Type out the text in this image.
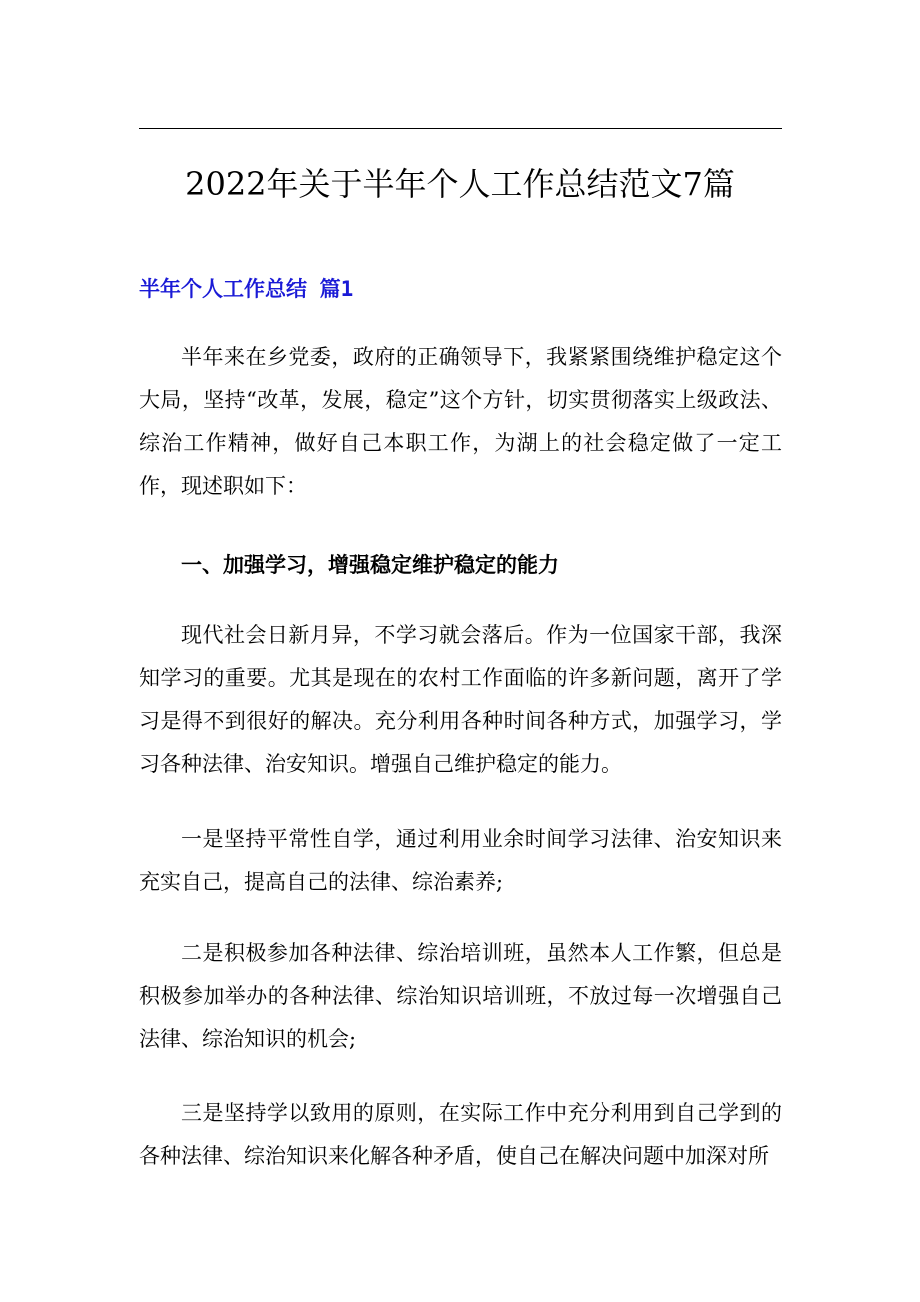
2022年关于半年个人工作总结范文7篇
半年个人工作总结 篇1

半年来在乡党委，政府的正确领导下，我紧紧围绕维护稳定这个大局，坚持“改革，发展，稳定”这个方针，切实贯彻落实上级政法、综治工作精神，做好自己本职工作，为湖上的社会稳定做了一定工作，现述职如下：

一、加强学习，增强稳定维护稳定的能力

现代社会日新月异，不学习就会落后。作为一位国家干部，我深知学习的重要。尤其是现在的农村工作面临的许多新问题，离开了学习是得不到很好的解决。充分利用各种时间各种方式，加强学习，学习各种法律、治安知识。增强自己维护稳定的能力。

一是坚持平常性自学，通过利用业余时间学习法律、治安知识来充实自己，提高自己的法律、综治素养;

二是积极参加各种法律、综治培训班，虽然本人工作繁，但总是积极参加举办的各种法律、综治知识培训班，不放过每一次增强自己法律、综治知识的机会;

三是坚持学以致用的原则，在实际工作中充分利用到自己学到的各种法律、综治知识来化解各种矛盾，使自己在解决问题中加深对所
